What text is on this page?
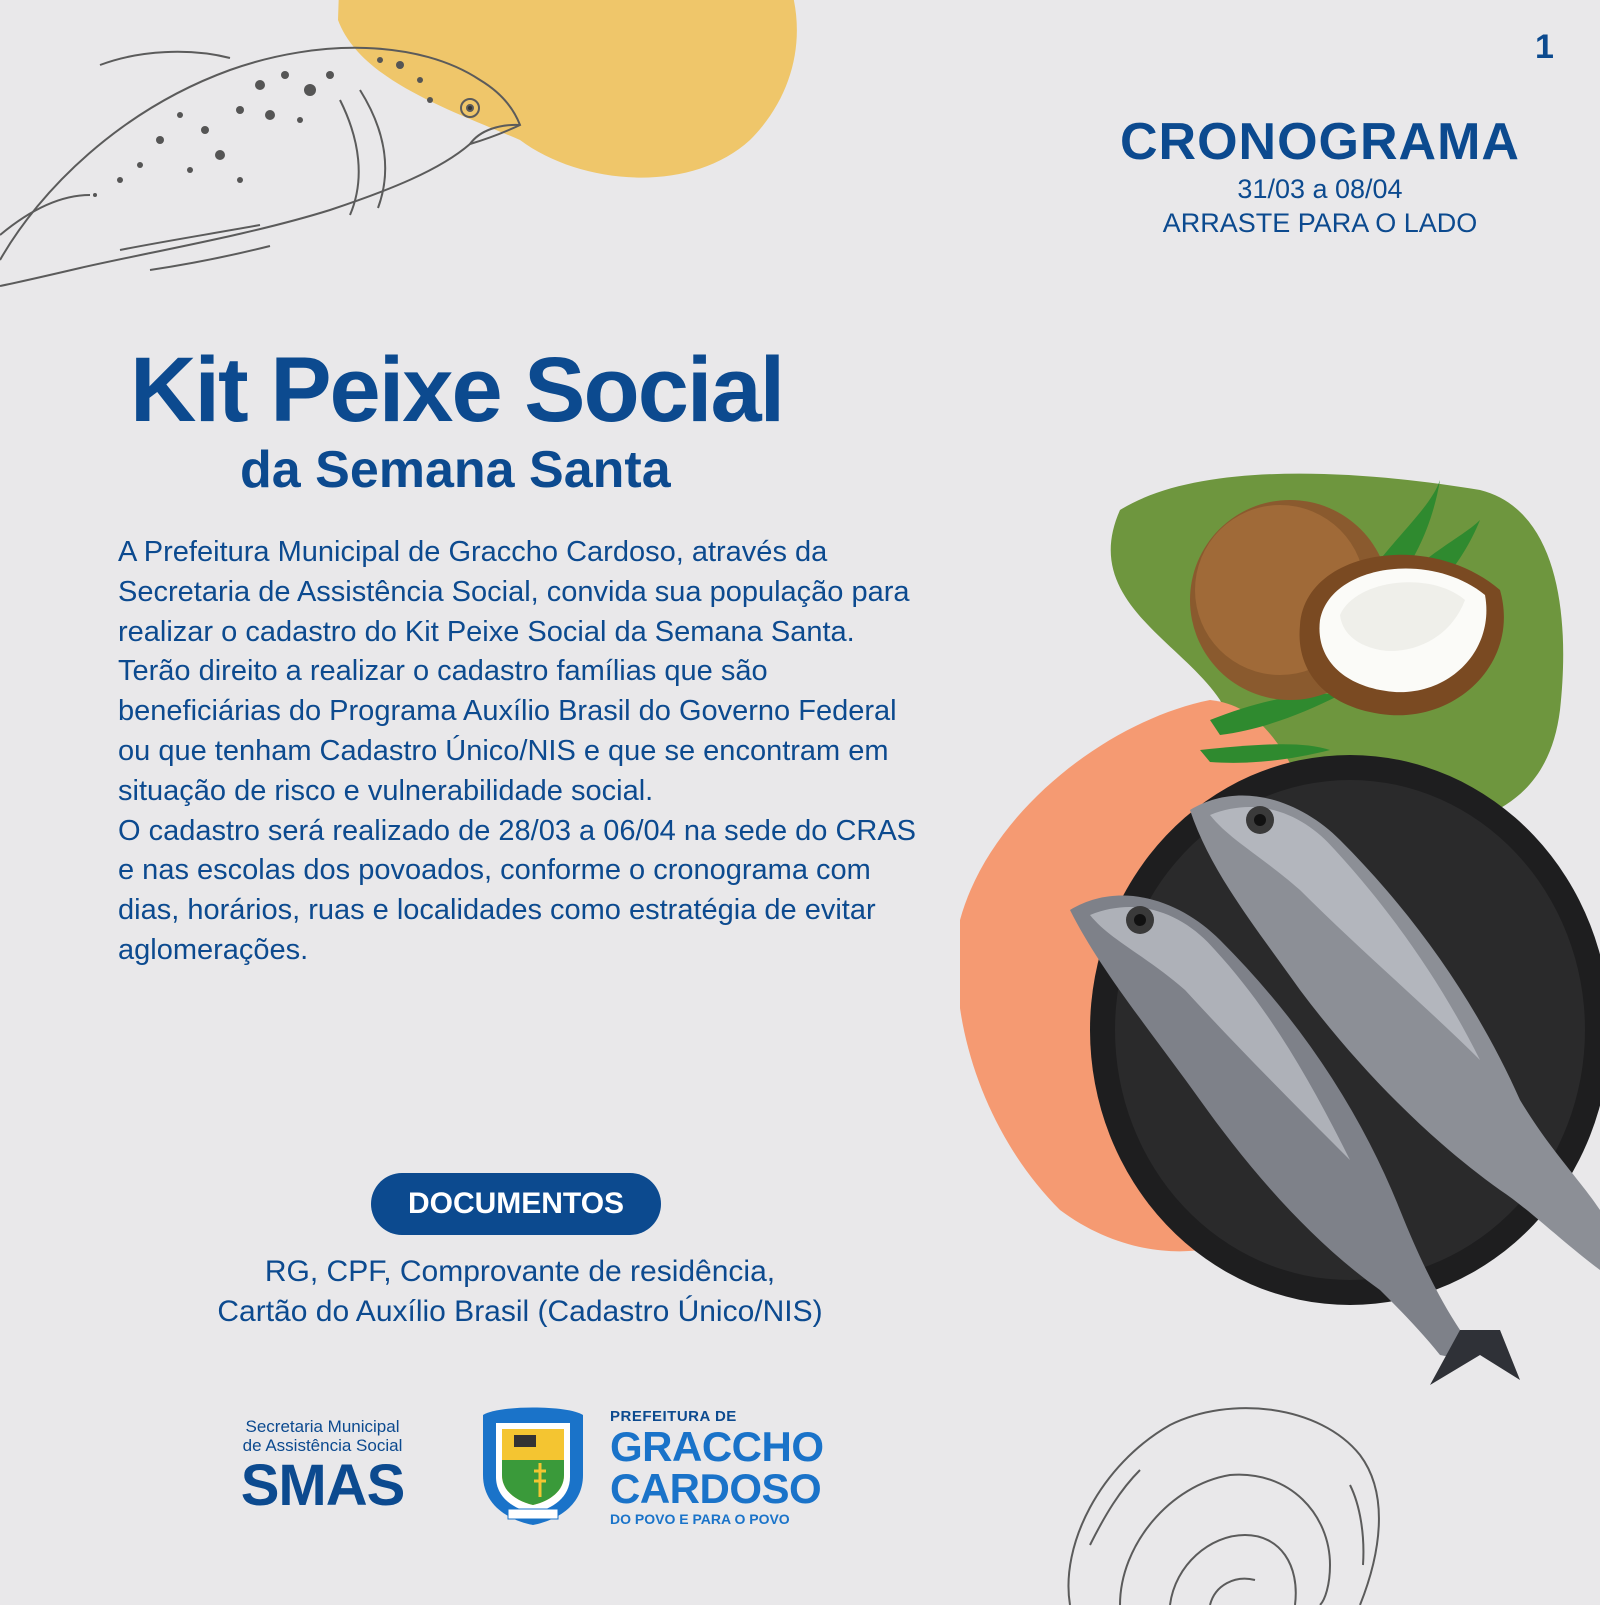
1
CRONOGRAMA
31/03 a 08/04
ARRASTE PARA O LADO
Kit Peixe Social
da Semana Santa

A Prefeitura Municipal de Graccho Cardoso, através da Secretaria de Assistência Social, convida sua população para realizar o cadastro do Kit Peixe Social da Semana Santa.

Terão direito a realizar o cadastro famílias que são beneficiárias do Programa Auxílio Brasil do Governo Federal ou que tenham Cadastro Único/NIS e que se encontram em situação de risco e vulnerabilidade social.

O cadastro será realizado de 28/03 a 06/04 na sede do CRAS e nas escolas dos povoados, conforme o cronograma com dias, horários, ruas e localidades como estratégia de evitar aglomerações.

DOCUMENTOS
RG, CPF, Comprovante de residência,
Cartão do Auxílio Brasil (Cadastro Único/NIS)
Secretaria Municipal
de Assistência Social
SMAS
PREFEITURA DE
GRACCHO
CARDOSO
DO POVO E PARA O POVO
